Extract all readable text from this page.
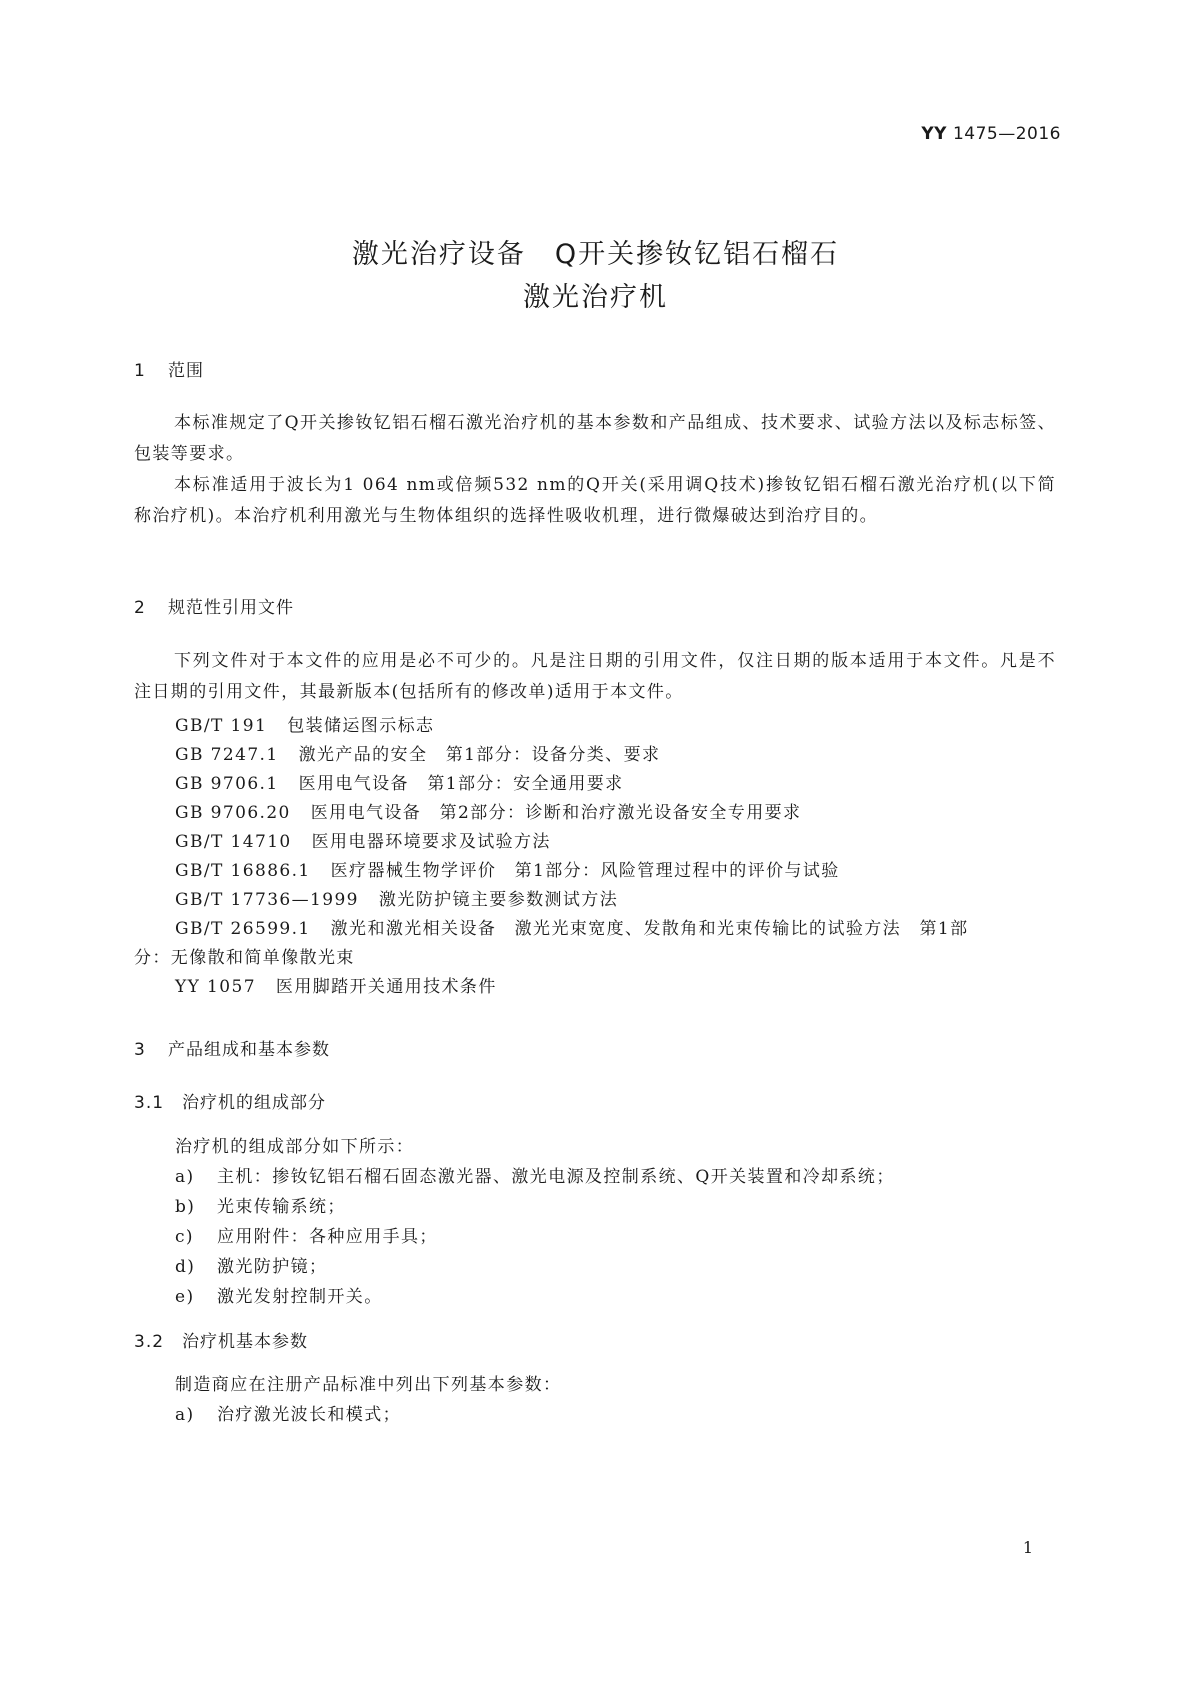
YY 1475—2016
激光治疗设备　Q开关掺钕钇铝石榴石
激光治疗机
1 范围

本标准规定了Q开关掺钕钇铝石榴石激光治疗机的基本参数和产品组成、技术要求、试验方法以及标志标签、包装等要求。

本标准适用于波长为1 064 nm或倍频532 nm的Q开关(采用调Q技术)掺钕钇铝石榴石激光治疗机(以下简称治疗机)。本治疗机利用激光与生物体组织的选择性吸收机理，进行微爆破达到治疗目的。

2 规范性引用文件

下列文件对于本文件的应用是必不可少的。凡是注日期的引用文件，仅注日期的版本适用于本文件。凡是不注日期的引用文件，其最新版本(包括所有的修改单)适用于本文件。

GB/T 191 包装储运图示标志
GB 7247.1 激光产品的安全　第1部分：设备分类、要求
GB 9706.1 医用电气设备　第1部分：安全通用要求
GB 9706.20 医用电气设备　第2部分：诊断和治疗激光设备安全专用要求
GB/T 14710 医用电器环境要求及试验方法
GB/T 16886.1 医疗器械生物学评价　第1部分：风险管理过程中的评价与试验
GB/T 17736—1999 激光防护镜主要参数测试方法
GB/T 26599.1 激光和激光相关设备　激光光束宽度、发散角和光束传输比的试验方法　第1部
分：无像散和简单像散光束
YY 1057 医用脚踏开关通用技术条件
3 产品组成和基本参数
3.1 治疗机的组成部分
治疗机的组成部分如下所示：
a) 主机：掺钕钇铝石榴石固态激光器、激光电源及控制系统、Q开关装置和冷却系统；
b) 光束传输系统；
c) 应用附件：各种应用手具；
d) 激光防护镜；
e) 激光发射控制开关。
3.2 治疗机基本参数
制造商应在注册产品标准中列出下列基本参数：
a) 治疗激光波长和模式；
1
